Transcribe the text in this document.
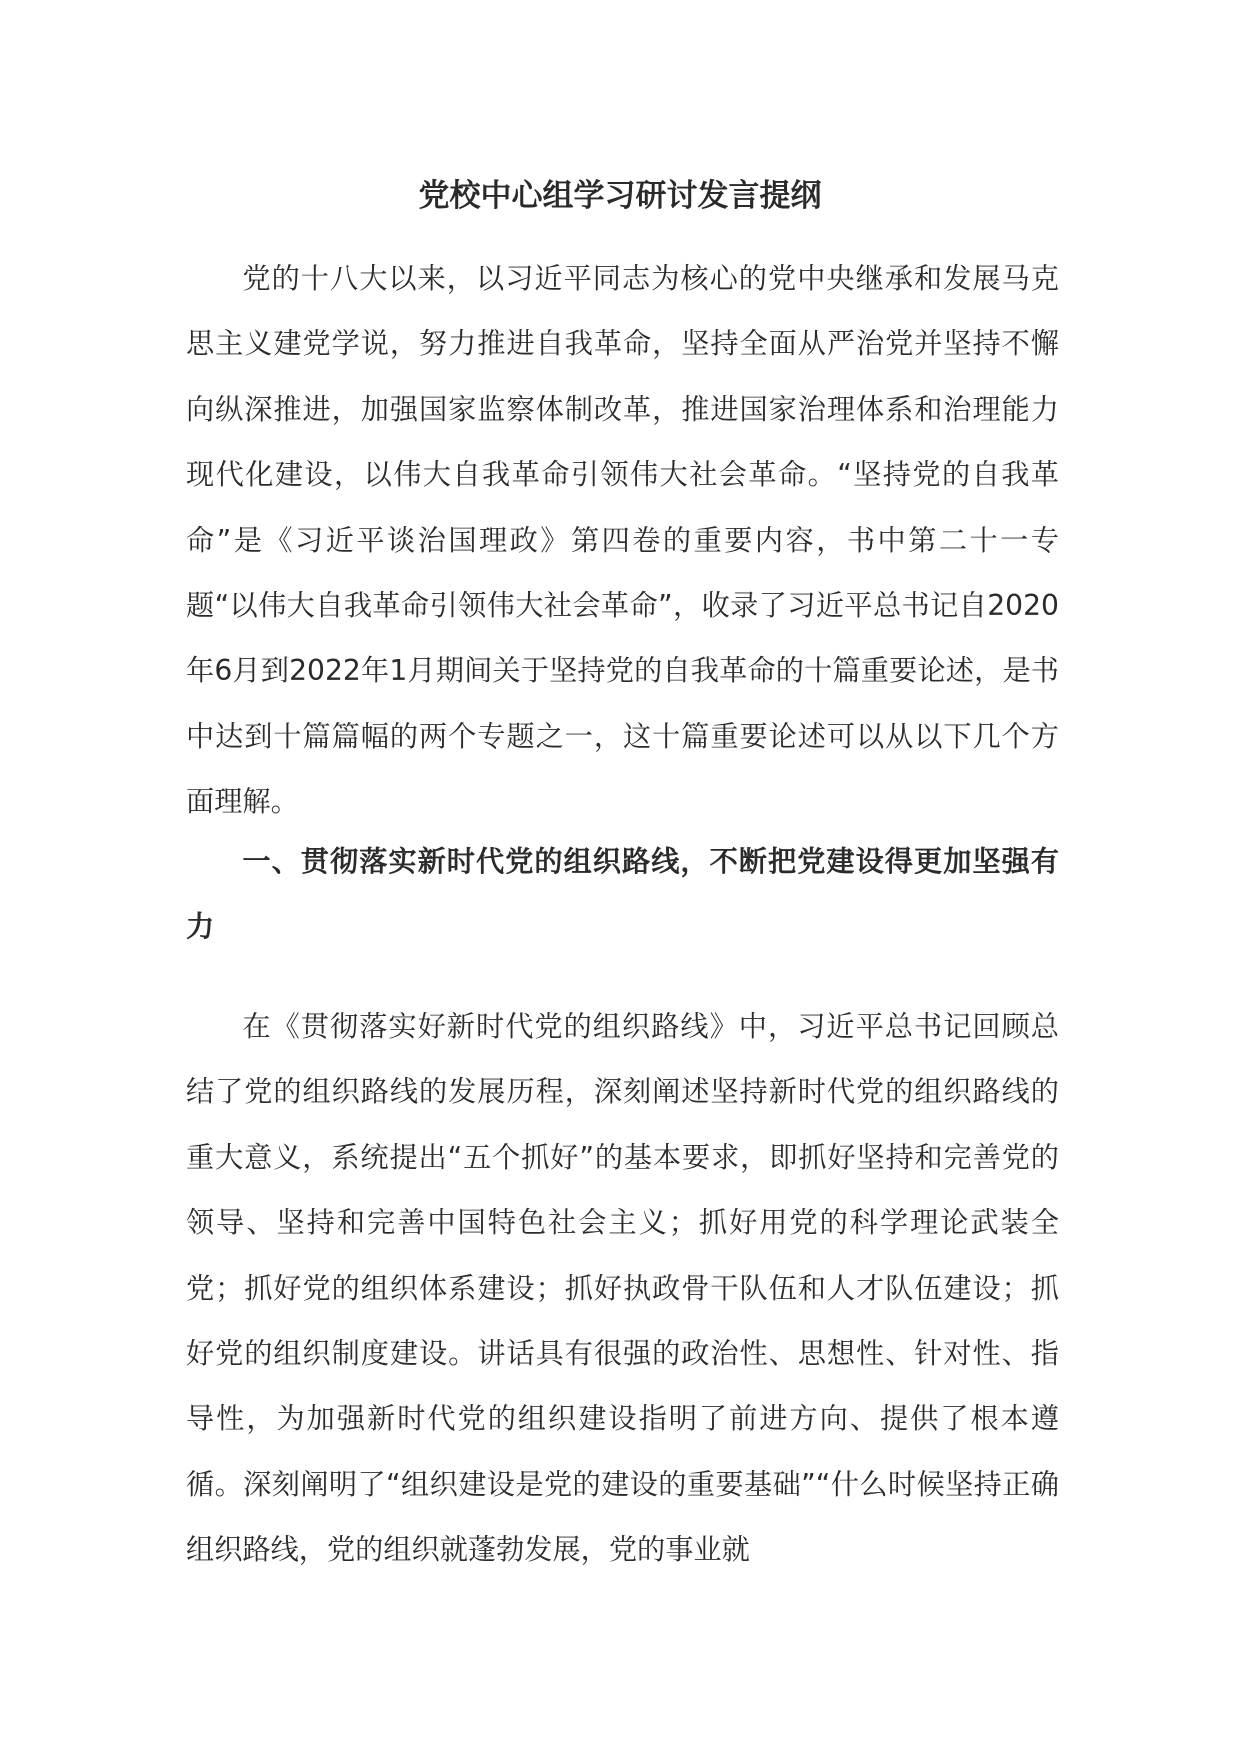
党校中心组学习研讨发言提纲

党的十八大以来，以习近平同志为核心的党中央继承和发展马克思主义建党学说，努力推进自我革命，坚持全面从严治党并坚持不懈向纵深推进，加强国家监察体制改革，推进国家治理体系和治理能力现代化建设，以伟大自我革命引领伟大社会革命。“坚持党的自我革命”是《习近平谈治国理政》第四卷的重要内容，书中第二十一专题“以伟大自我革命引领伟大社会革命”，收录了习近平总书记自2020年6月到2022年1月期间关于坚持党的自我革命的十篇重要论述，是书中达到十篇篇幅的两个专题之一，这十篇重要论述可以从以下几个方面理解。

一、贯彻落实新时代党的组织路线，不断把党建设得更加坚强有力

在《贯彻落实好新时代党的组织路线》中，习近平总书记回顾总结了党的组织路线的发展历程，深刻阐述坚持新时代党的组织路线的重大意义，系统提出“五个抓好”的基本要求，即抓好坚持和完善党的领导、坚持和完善中国特色社会主义；抓好用党的科学理论武装全党；抓好党的组织体系建设；抓好执政骨干队伍和人才队伍建设；抓好党的组织制度建设。讲话具有很强的政治性、思想性、针对性、指导性，为加强新时代党的组织建设指明了前进方向、提供了根本遵循。深刻阐明了“组织建设是党的建设的重要基础”“什么时候坚持正确组织路线，党的组织就蓬勃发展，党的事业就
